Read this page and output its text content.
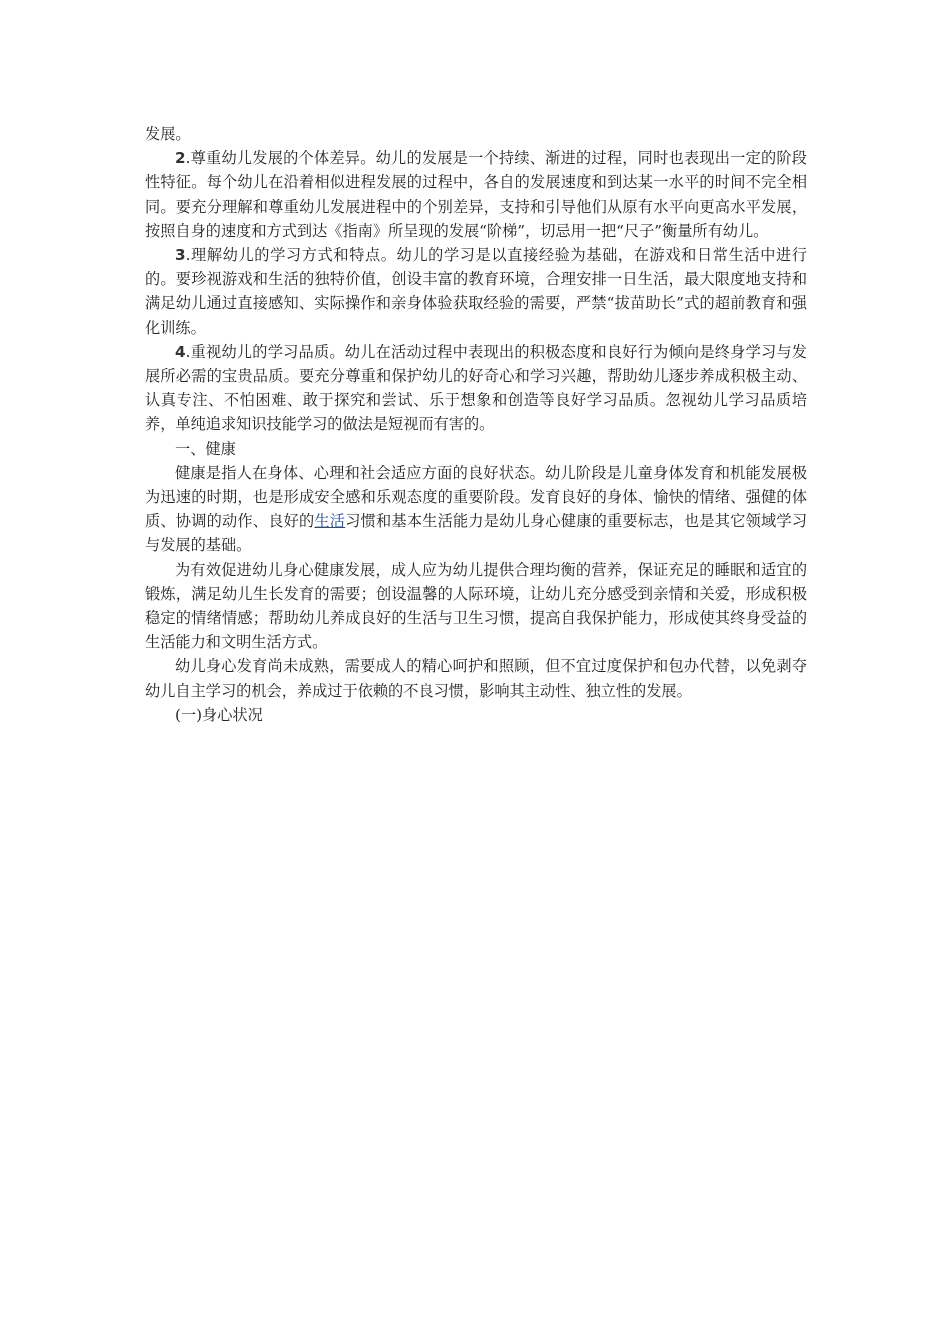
发展。

2.尊重幼儿发展的个体差异。幼儿的发展是一个持续、渐进的过程，同时也表现出一定的阶段性特征。每个幼儿在沿着相似进程发展的过程中，各自的发展速度和到达某一水平的时间不完全相同。要充分理解和尊重幼儿发展进程中的个别差异，支持和引导他们从原有水平向更高水平发展，按照自身的速度和方式到达《指南》所呈现的发展“阶梯”，切忌用一把“尺子”衡量所有幼儿。

3.理解幼儿的学习方式和特点。幼儿的学习是以直接经验为基础，在游戏和日常生活中进行的。要珍视游戏和生活的独特价值，创设丰富的教育环境，合理安排一日生活，最大限度地支持和满足幼儿通过直接感知、实际操作和亲身体验获取经验的需要，严禁“拔苗助长”式的超前教育和强化训练。

4.重视幼儿的学习品质。幼儿在活动过程中表现出的积极态度和良好行为倾向是终身学习与发展所必需的宝贵品质。要充分尊重和保护幼儿的好奇心和学习兴趣，帮助幼儿逐步养成积极主动、认真专注、不怕困难、敢于探究和尝试、乐于想象和创造等良好学习品质。忽视幼儿学习品质培养，单纯追求知识技能学习的做法是短视而有害的。

一、健康

健康是指人在身体、心理和社会适应方面的良好状态。幼儿阶段是儿童身体发育和机能发展极为迅速的时期，也是形成安全感和乐观态度的重要阶段。发育良好的身体、愉快的情绪、强健的体质、协调的动作、良好的生活习惯和基本生活能力是幼儿身心健康的重要标志，也是其它领域学习与发展的基础。

为有效促进幼儿身心健康发展，成人应为幼儿提供合理均衡的营养，保证充足的睡眠和适宜的锻炼，满足幼儿生长发育的需要；创设温馨的人际环境，让幼儿充分感受到亲情和关爱，形成积极稳定的情绪情感；帮助幼儿养成良好的生活与卫生习惯，提高自我保护能力，形成使其终身受益的生活能力和文明生活方式。

幼儿身心发育尚未成熟，需要成人的精心呵护和照顾，但不宜过度保护和包办代替，以免剥夺幼儿自主学习的机会，养成过于依赖的不良习惯，影响其主动性、独立性的发展。

(一)身心状况
